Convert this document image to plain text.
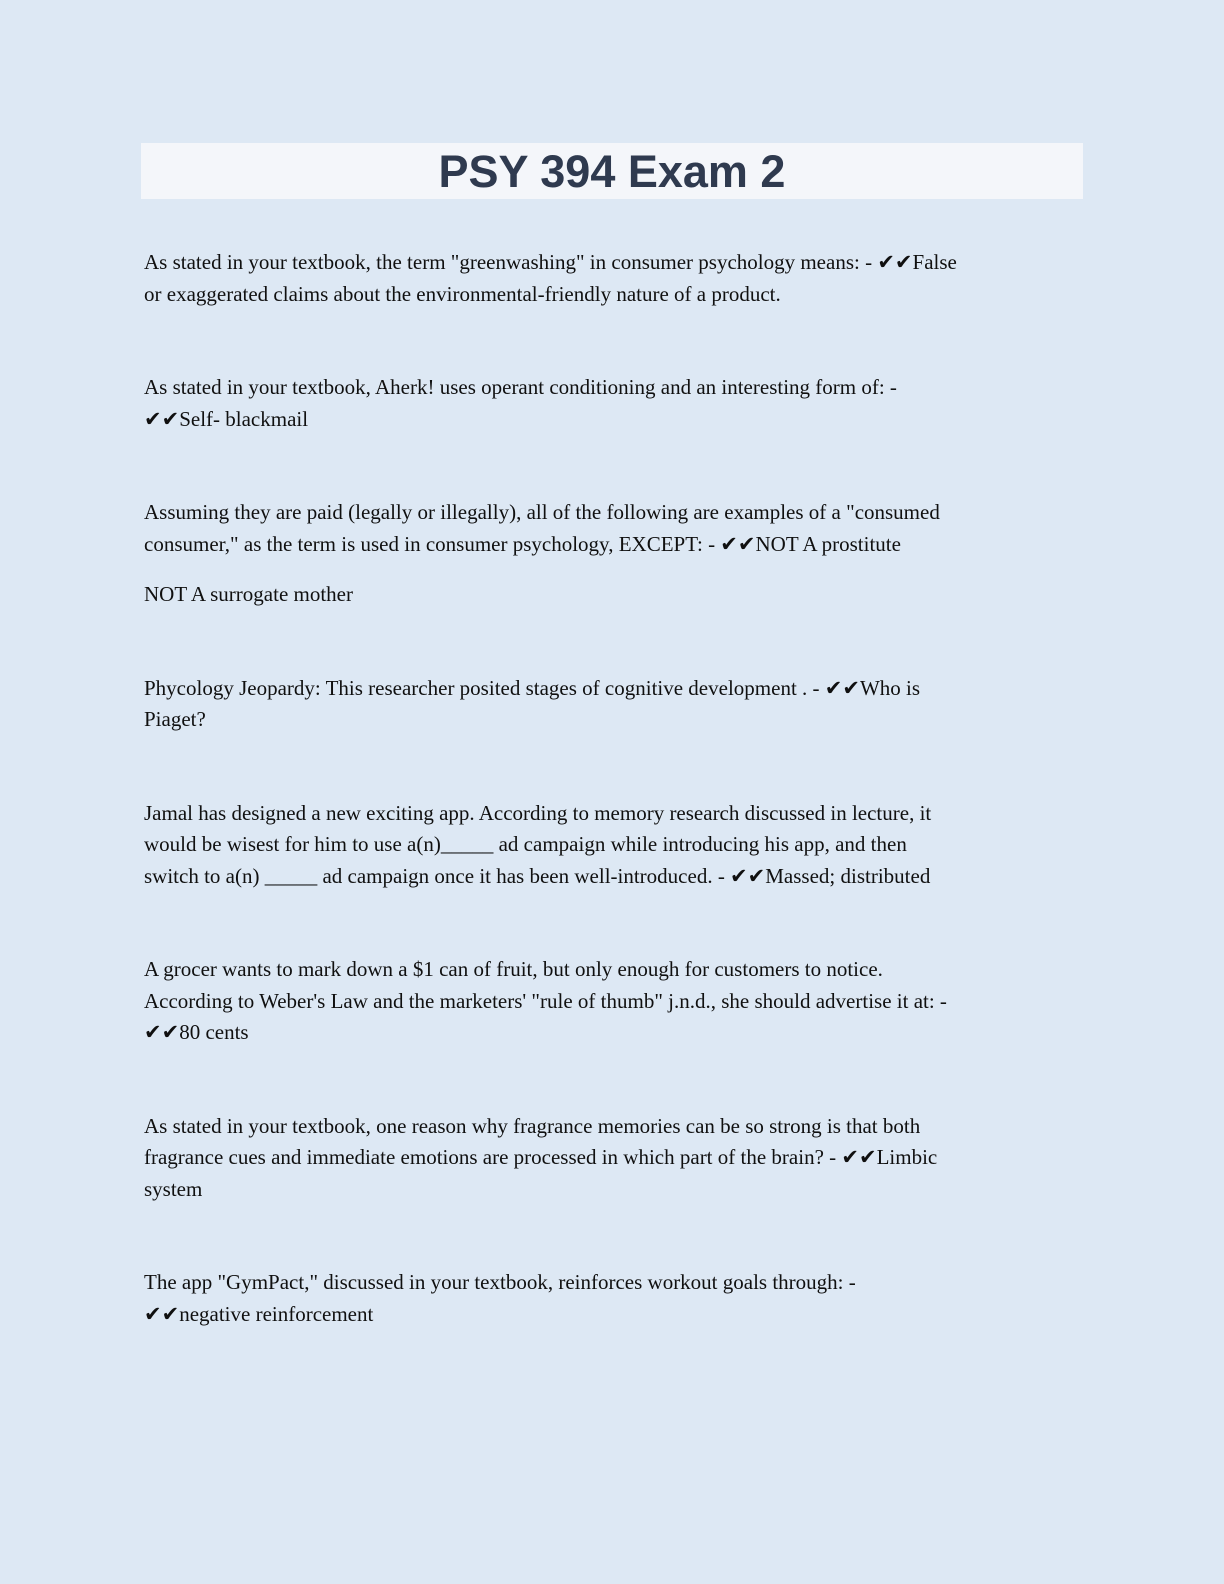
PSY 394 Exam 2

As stated in your textbook, the term "greenwashing" in consumer psychology means: - ✔✔False

or exaggerated claims about the environmental-friendly nature of a product.

As stated in your textbook, Aherk! uses operant conditioning and an interesting form of: -

✔✔Self- blackmail

Assuming they are paid (legally or illegally), all of the following are examples of a "consumed

consumer," as the term is used in consumer psychology, EXCEPT: - ✔✔NOT A prostitute

NOT A surrogate mother

Phycology Jeopardy: This researcher posited stages of cognitive development . - ✔✔Who is

Piaget?

Jamal has designed a new exciting app. According to memory research discussed in lecture, it

would be wisest for him to use a(n)_____ ad campaign while introducing his app, and then

switch to a(n) _____ ad campaign once it has been well-introduced. - ✔✔Massed; distributed

A grocer wants to mark down a $1 can of fruit, but only enough for customers to notice.

According to Weber's Law and the marketers' "rule of thumb" j.n.d., she should advertise it at: -

✔✔80 cents

As stated in your textbook, one reason why fragrance memories can be so strong is that both

fragrance cues and immediate emotions are processed in which part of the brain? - ✔✔Limbic

system

The app "GymPact," discussed in your textbook, reinforces workout goals through: -

✔✔negative reinforcement
